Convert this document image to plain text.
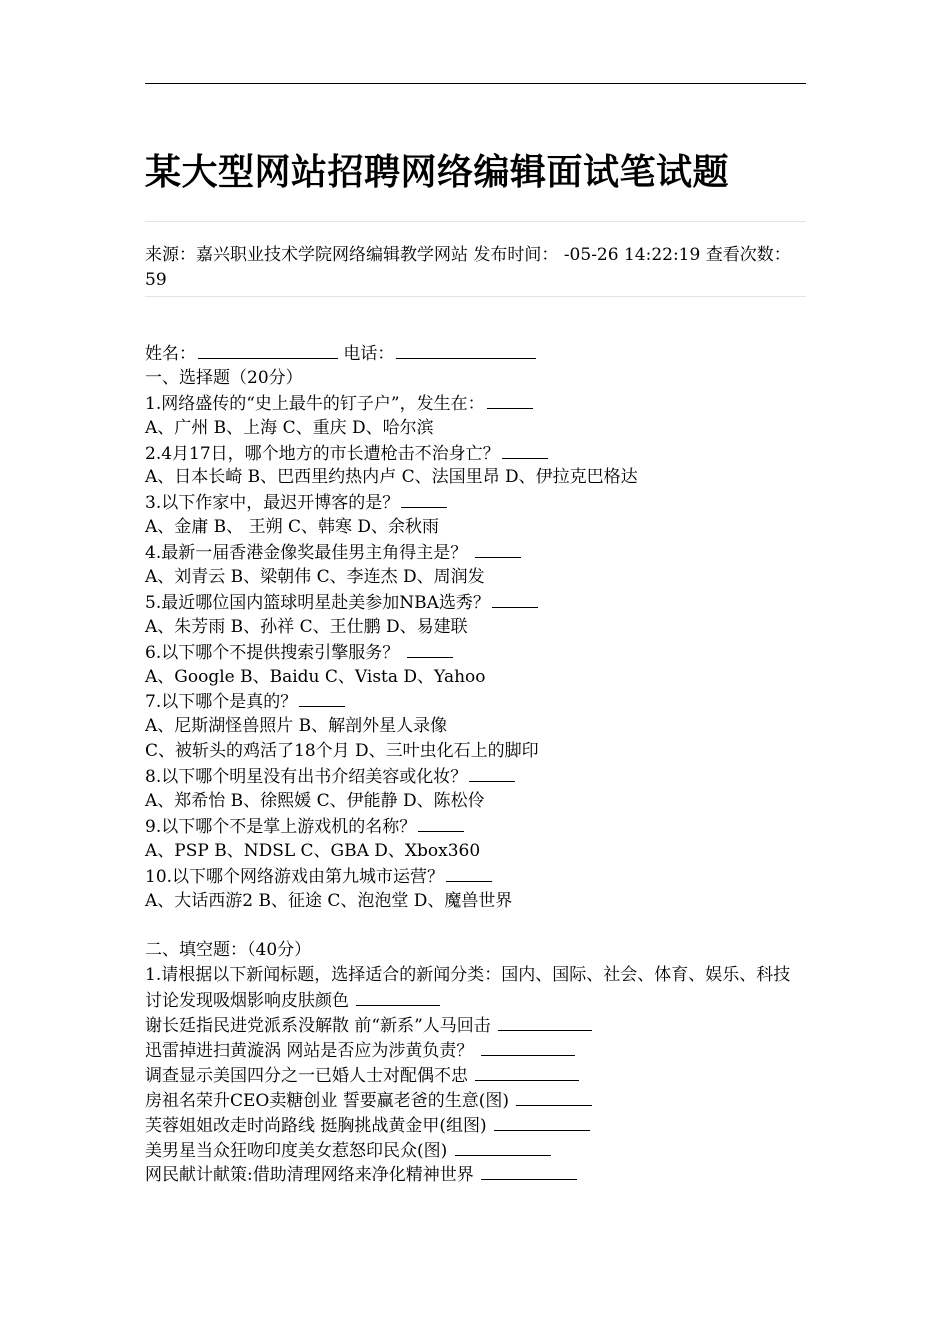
某大型网站招聘网络编辑面试笔试题
来源：嘉兴职业技术学院网络编辑教学网站 发布时间： -05-26 14:22:19 查看次数：59
姓名：	电话：
一、选择题（20分）
1.网络盛传的“史上最牛的钉子户”，发生在：
A、广州 B、上海 C、重庆 D、哈尔滨
2.4月17日，哪个地方的市长遭枪击不治身亡？
A、日本长崎 B、巴西里约热内卢 C、法国里昂 D、伊拉克巴格达
3.以下作家中，最迟开博客的是？
A、金庸 B、 王朔 C、韩寒 D、余秋雨
4.最新一届香港金像奖最佳男主角得主是？
A、刘青云 B、梁朝伟 C、李连杰 D、周润发
5.最近哪位国内篮球明星赴美参加NBA选秀？
A、朱芳雨 B、孙祥 C、王仕鹏 D、易建联
6.以下哪个不提供搜索引擎服务？
A、Google B、Baidu C、Vista D、Yahoo
7.以下哪个是真的？
A、尼斯湖怪兽照片 B、解剖外星人录像
C、被斩头的鸡活了18个月 D、三叶虫化石上的脚印
8.以下哪个明星没有出书介绍美容或化妆？
A、郑希怡 B、徐熙媛 C、伊能静 D、陈松伶
9.以下哪个不是掌上游戏机的名称？
A、PSP B、NDSL C、GBA D、Xbox360
10.以下哪个网络游戏由第九城市运营？
A、大话西游2 B、征途 C、泡泡堂 D、魔兽世界
二、填空题：（40分）
1.请根据以下新闻标题，选择适合的新闻分类：国内、国际、社会、体育、娱乐、科技
讨论发现吸烟影响皮肤颜色
谢长廷指民进党派系没解散 前“新系”人马回击
迅雷掉进扫黄漩涡 网站是否应为涉黄负责？
调查显示美国四分之一已婚人士对配偶不忠
房祖名荣升CEO卖糖创业 誓要赢老爸的生意(图)
芙蓉姐姐改走时尚路线 挺胸挑战黄金甲(组图)
美男星当众狂吻印度美女惹怒印民众(图)
网民献计献策:借助清理网络来净化精神世界
